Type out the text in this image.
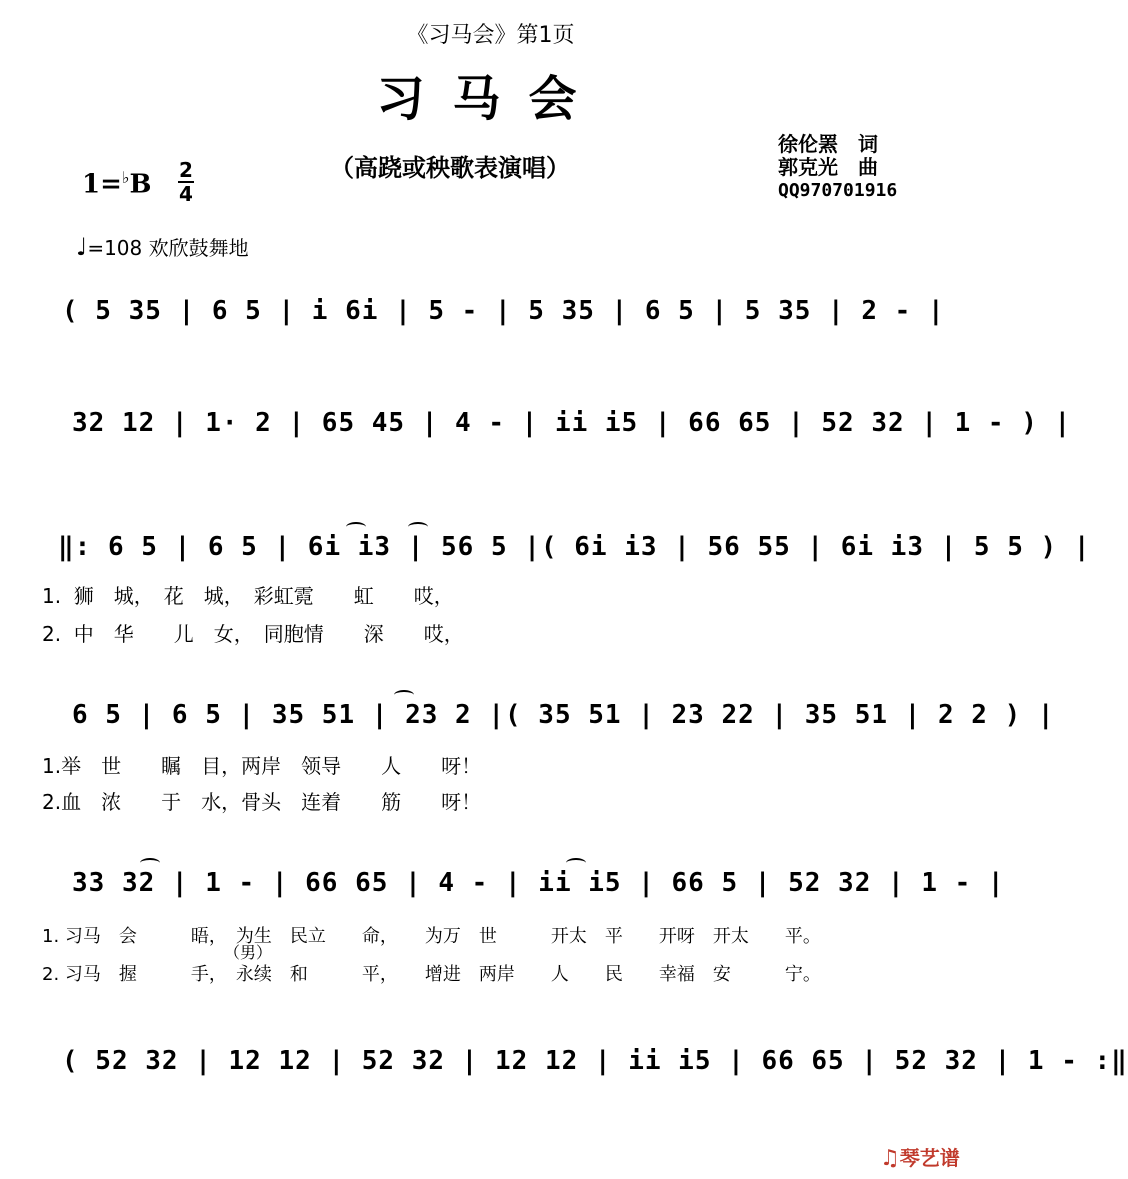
《习马会》第1页
习马会
（高跷或秧歌表演唱）
徐伦罴　词
郭克光　曲
QQ970701916
1=♭B 2
4
♩=108 欢欣鼓舞地
( 5 35 | 6 5 | i 6i | 5 - | 5 35 | 6 5 | 5 35 | 2 - |
32 12 | 1· 2 | 65 45 | 4 - | ii i5 | 66 65 | 52 32 | 1 - ) |
‖: 6 5 | 6 5 | 6i i3 | 56 5 |( 6i i3 | 56 55 | 6i i3 | 5 5 ) |
1.  狮　城，　花　城，　彩虹霓　　虹　　哎，
2.  中　华　　儿　女，　同胞情　　深　　哎，
6 5 | 6 5 | 35 51 | 23 2 |( 35 51 | 23 22 | 35 51 | 2 2 ) |
1.举　世　　瞩　目，两岸　领导　　人　　呀！
2.血　浓　　于　水，骨头　连着　　筋　　呀！
33 32 | 1 - | 66 65 | 4 - | ii i5 | 66 5 | 52 32 | 1 - |
1. 习马　会　　　晤，　为生　民立　　命，　　为万　世　　　开太　平　　开呀　开太　　平。
（男）
2. 习马　握　　　手，　永续　和　　　平，　　增进　两岸　　人　　民　　幸福　安　　　宁。
( 52 32 | 12 12 | 52 32 | 12 12 | ii i5 | 66 65 | 52 32 | 1 - :‖
♫琴艺谱
